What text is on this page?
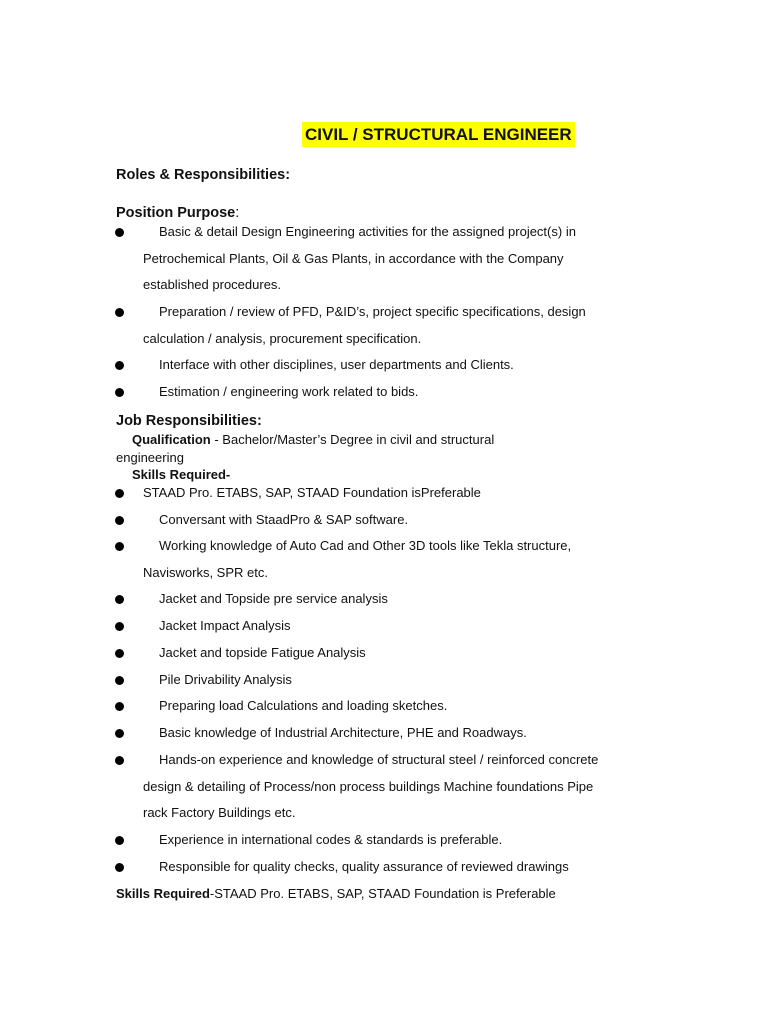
CIVIL / STRUCTURAL ENGINEER
Roles & Responsibilities:
Position Purpose:
Basic & detail Design Engineering activities for the assigned project(s) in
Petrochemical Plants, Oil & Gas Plants, in accordance with the Company
established procedures.
Preparation / review of PFD, P&ID’s, project specific specifications, design
calculation / analysis, procurement specification.
Interface with other disciplines, user departments and Clients.
Estimation / engineering work related to bids.
Job Responsibilities:
Qualification - Bachelor/Master’s Degree in civil and structural
engineering
Skills Required-
STAAD Pro. ETABS, SAP, STAAD Foundation isPreferable
Conversant with StaadPro & SAP software.
Working knowledge of Auto Cad and Other 3D tools like Tekla structure,
Navisworks, SPR etc.
Jacket and Topside pre service analysis
Jacket Impact Analysis
Jacket and topside Fatigue Analysis
Pile Drivability Analysis
Preparing load Calculations and loading sketches.
Basic knowledge of Industrial Architecture, PHE and Roadways.
Hands-on experience and knowledge of structural steel / reinforced concrete
design & detailing of Process/non process buildings Machine foundations Pipe
rack Factory Buildings etc.
Experience in international codes & standards is preferable.
Responsible for quality checks, quality assurance of reviewed drawings
Skills Required-STAAD Pro. ETABS, SAP, STAAD Foundation is Preferable
